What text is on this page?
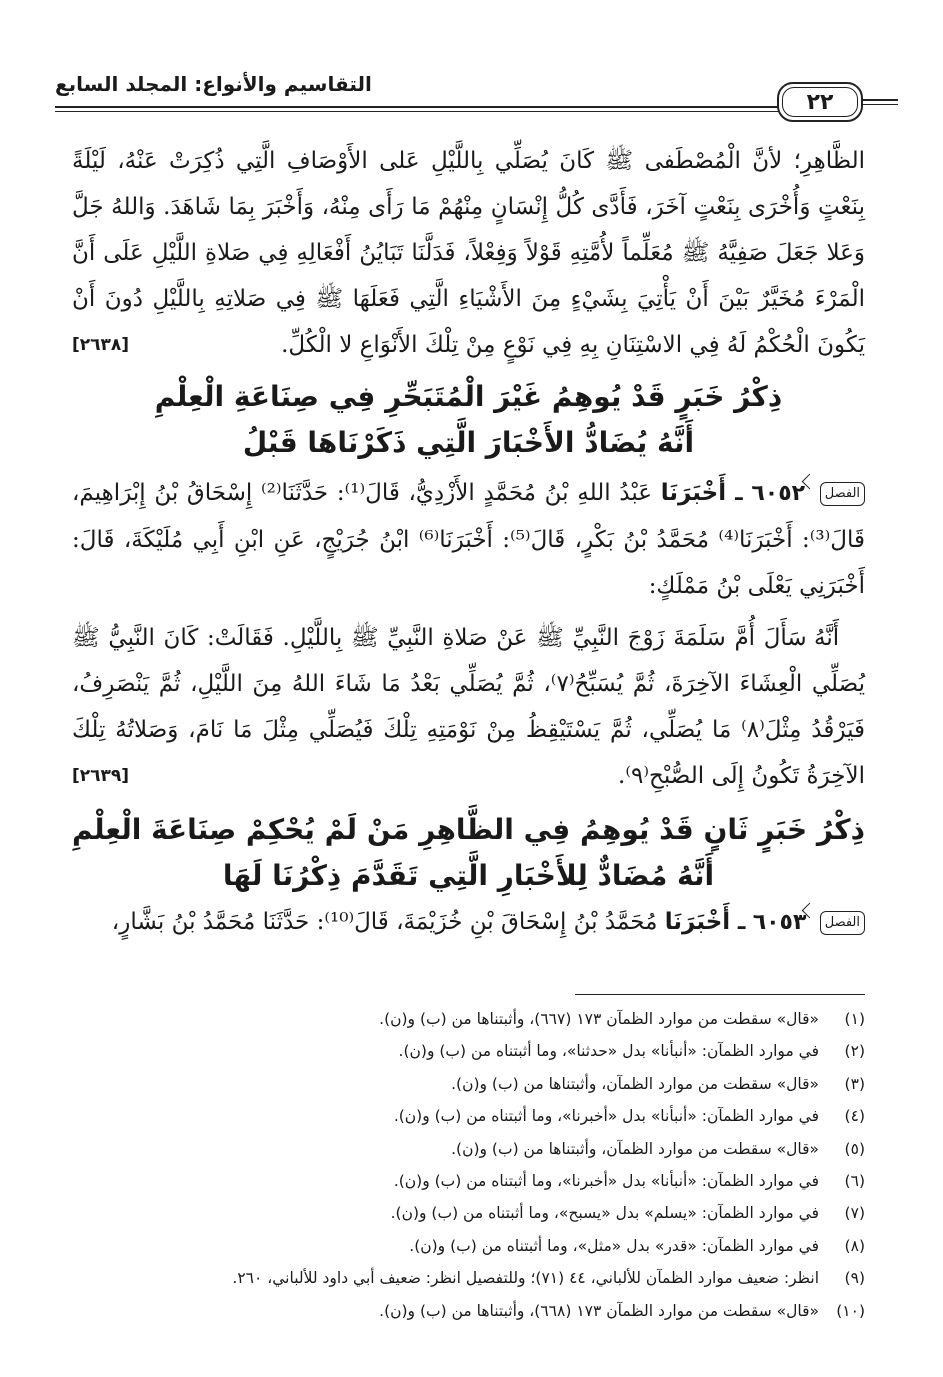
التقاسيم والأنواع: المجلد السابع
٢٢

الظَّاهِرِ؛ لأنَّ الْمُصْطَفى ﷺ كَانَ يُصَلِّي بِاللَّيْلِ عَلى الأَوْصَافِ الَّتِي ذُكِرَتْ عَنْهُ، لَيْلَةً بِنَعْتٍ وَأُخْرَى بِنَعْتٍ آخَرَ، فَأَدَّى كُلُّ إِنْسَانٍ مِنْهُمْ مَا رَأَى مِنْهُ، وَأَخْبَرَ بِمَا شَاهَدَ. وَاللهُ جَلَّ وَعَلا جَعَلَ صَفِيَّهُ ﷺ مُعَلِّماً لأُمَّتِهِ قَوْلاً وَفِعْلاً، فَدَلَّنَا تَبَايُنُ أَفْعَالِهِ فِي صَلاةِ اللَّيْلِ عَلَى أَنَّ الْمَرْءَ مُخَيَّرٌ بَيْنَ أَنْ يَأْتِيَ بِشَيْءٍ مِنَ الأَشْيَاءِ الَّتِي فَعَلَهَا ﷺ فِي صَلاتِهِ بِاللَّيْلِ دُونَ أَنْ يَكُونَ الْحُكْمُ لَهُ فِي الاسْتِنَانِ بِهِ فِي نَوْعٍ مِنْ تِلْكَ الأَنْوَاعِ لا الْكُلِّ.
[٢٦٣٨]

ذِكْرُ خَبَرٍ قَدْ يُوهِمُ غَيْرَ الْمُتَبَحِّرِ فِي صِنَاعَةِ الْعِلْمِ

أَنَّهُ يُضَادُّ الأَخْبَارَ الَّتِي ذَكَرْنَاهَا قَبْلُ

الفصل ٦٠٥٢ ـ أَخْبَرَنَا عَبْدُ اللهِ بْنُ مُحَمَّدٍ الأَزْدِيُّ، قَالَ⁽¹⁾: حَدَّثَنَا⁽²⁾ إِسْحَاقُ بْنُ إِبْرَاهِيمَ، قَالَ⁽³⁾: أَخْبَرَنَا⁽⁴⁾ مُحَمَّدُ بْنُ بَكْرٍ، قَالَ⁽⁵⁾: أَخْبَرَنَا⁽⁶⁾ ابْنُ جُرَيْجٍ، عَنِ ابْنِ أَبِي مُلَيْكَةَ، قَالَ: أَخْبَرَنِي يَعْلَى بْنُ مَمْلَكٍ:

أَنَّهُ سَأَلَ أُمَّ سَلَمَةَ زَوْجَ النَّبِيِّ ﷺ عَنْ صَلاةِ النَّبِيِّ ﷺ بِاللَّيْلِ. فَقَالَتْ: كَانَ النَّبِيُّ ﷺ يُصَلِّي الْعِشَاءَ الآخِرَةَ، ثُمَّ يُسَبِّحُ⁽٧⁾، ثُمَّ يُصَلِّي بَعْدُ مَا شَاءَ اللهُ مِنَ اللَّيْلِ، ثُمَّ يَنْصَرِفُ، فَيَرْقُدُ مِثْلَ⁽٨⁾ مَا يُصَلِّي، ثُمَّ يَسْتَيْقِظُ مِنْ نَوْمَتِهِ تِلْكَ فَيُصَلِّي مِثْلَ مَا نَامَ، وَصَلاتُهُ تِلْكَ الآخِرَةُ تَكُونُ إِلَى الصُّبْحِ⁽٩⁾.
[٢٦٣٩]

ذِكْرُ خَبَرٍ ثَانٍ قَدْ يُوهِمُ فِي الظَّاهِرِ مَنْ لَمْ يُحْكِمْ صِنَاعَةَ الْعِلْمِ

أَنَّهُ مُضَادٌّ لِلأَخْبَارِ الَّتِي تَقَدَّمَ ذِكْرُنَا لَهَا

الفصل ٦٠٥٣ ـ أَخْبَرَنَا مُحَمَّدُ بْنُ إِسْحَاقَ بْنِ خُزَيْمَةَ، قَالَ⁽¹⁰⁾: حَدَّثَنَا مُحَمَّدُ بْنُ بَشَّارٍ،

(١)
«قال» سقطت من موارد الظمآن ١٧٣ (٦٦٧)، وأثبتناها من (ب) و(ن).
(٢)
في موارد الظمآن: «أنبأنا» بدل «حدثنا»، وما أثبتناه من (ب) و(ن).
(٣)
«قال» سقطت من موارد الظمآن، وأثبتناها من (ب) و(ن).
(٤)
في موارد الظمآن: «أنبأنا» بدل «أخبرنا»، وما أثبتناه من (ب) و(ن).
(٥)
«قال» سقطت من موارد الظمآن، وأثبتناها من (ب) و(ن).
(٦)
في موارد الظمآن: «أنبأنا» بدل «أخبرنا»، وما أثبتناه من (ب) و(ن).
(٧)
في موارد الظمآن: «يسلم» بدل «يسبح»، وما أثبتناه من (ب) و(ن).
(٨)
في موارد الظمآن: «قدر» بدل «مثل»، وما أثبتناه من (ب) و(ن).
(٩)
انظر: ضعيف موارد الظمآن للألباني، ٤٤ (٧١)؛ وللتفصيل انظر: ضعيف أبي داود للألباني، ٢٦٠.
(١٠)
«قال» سقطت من موارد الظمآن ١٧٣ (٦٦٨)، وأثبتناها من (ب) و(ن).
